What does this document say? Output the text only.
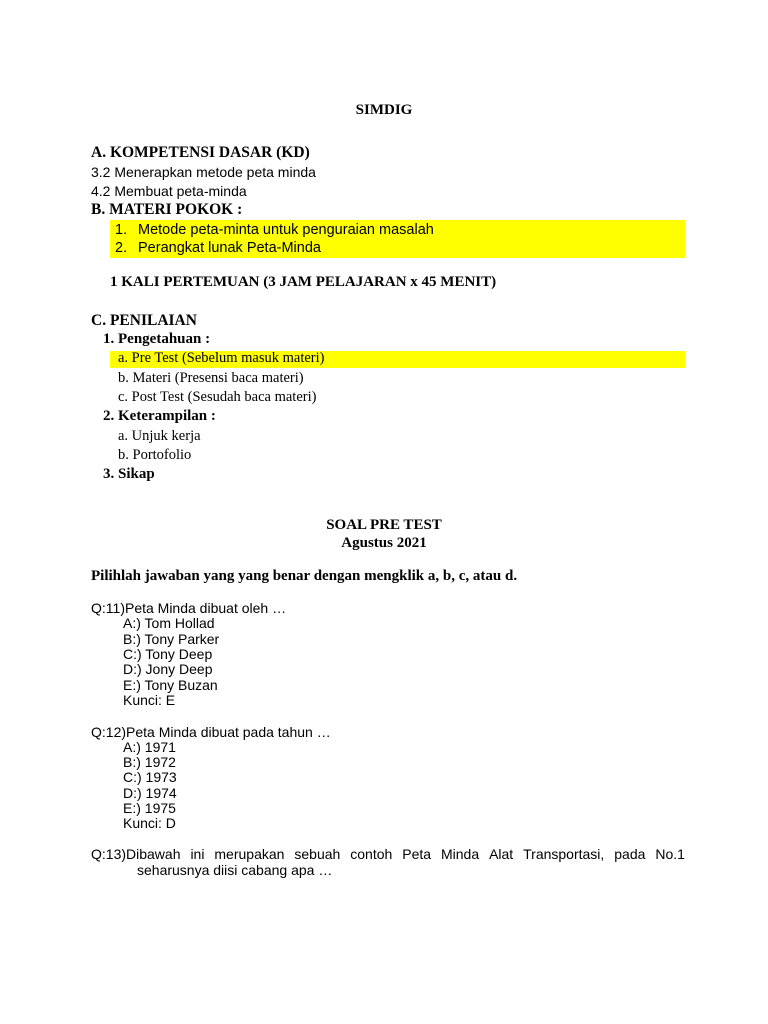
SIMDIG
A. KOMPETENSI DASAR (KD)
3.2 Menerapkan metode peta minda
4.2 Membuat peta-minda
B. MATERI POKOK :
1. Metode peta-minta untuk penguraian masalah
2. Perangkat lunak Peta-Minda
1 KALI PERTEMUAN (3 JAM PELAJARAN x 45 MENIT)
C. PENILAIAN
1. Pengetahuan :
a. Pre Test (Sebelum masuk materi)
b. Materi (Presensi baca materi)
c. Post Test (Sesudah baca materi)
2. Keterampilan :
a. Unjuk kerja
b. Portofolio
3. Sikap
SOAL PRE TEST
Agustus 2021
Pilihlah jawaban yang yang benar dengan mengklik a, b, c, atau d.
Q:11)Peta Minda dibuat oleh …
A:) Tom Hollad
B:) Tony Parker
C:) Tony Deep
D:) Jony Deep
E:) Tony Buzan
Kunci: E
Q:12)Peta Minda dibuat pada tahun …
A:) 1971
B:) 1972
C:) 1973
D:) 1974
E:) 1975
Kunci: D
Q:13)Dibawah ini merupakan sebuah contoh Peta Minda Alat Transportasi, pada No.1
seharusnya diisi cabang apa …
